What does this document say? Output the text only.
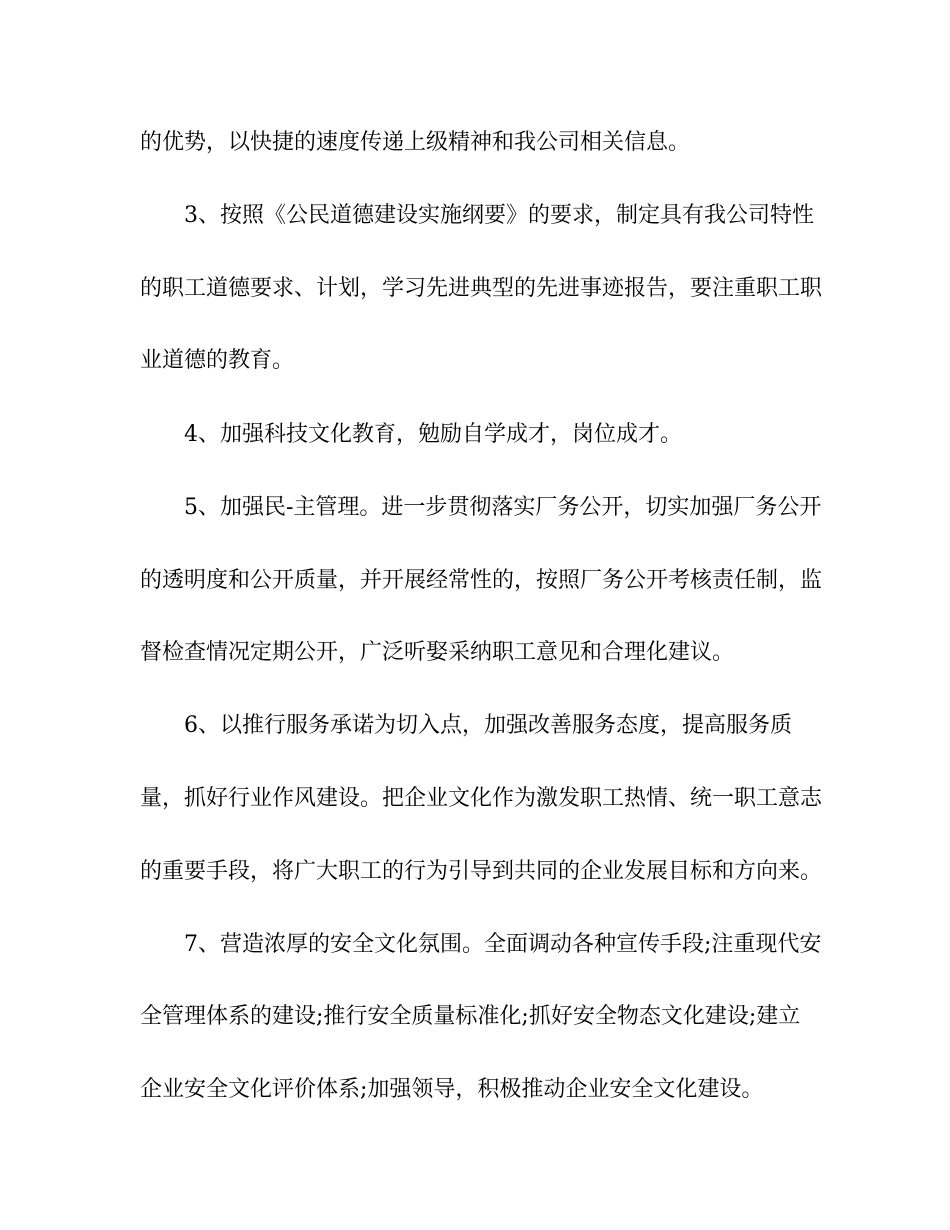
的优势，以快捷的速度传递上级精神和我公司相关信息。
3、按照《公民道德建设实施纲要》的要求，制定具有我公司特性
的职工道德要求、计划，学习先进典型的先进事迹报告，要注重职工职
业道德的教育。
4、加强科技文化教育，勉励自学成才，岗位成才。
5、加强民-主管理。进一步贯彻落实厂务公开，切实加强厂务公开
的透明度和公开质量，并开展经常性的，按照厂务公开考核责任制，监
督检查情况定期公开，广泛听娶采纳职工意见和合理化建议。
6、以推行服务承诺为切入点，加强改善服务态度，提高服务质
量，抓好行业作风建设。把企业文化作为激发职工热情、统一职工意志
的重要手段，将广大职工的行为引导到共同的企业发展目标和方向来。
7、营造浓厚的安全文化氛围。全面调动各种宣传手段;注重现代安
全管理体系的建设;推行安全质量标准化;抓好安全物态文化建设;建立
企业安全文化评价体系;加强领导，积极推动企业安全文化建设。
